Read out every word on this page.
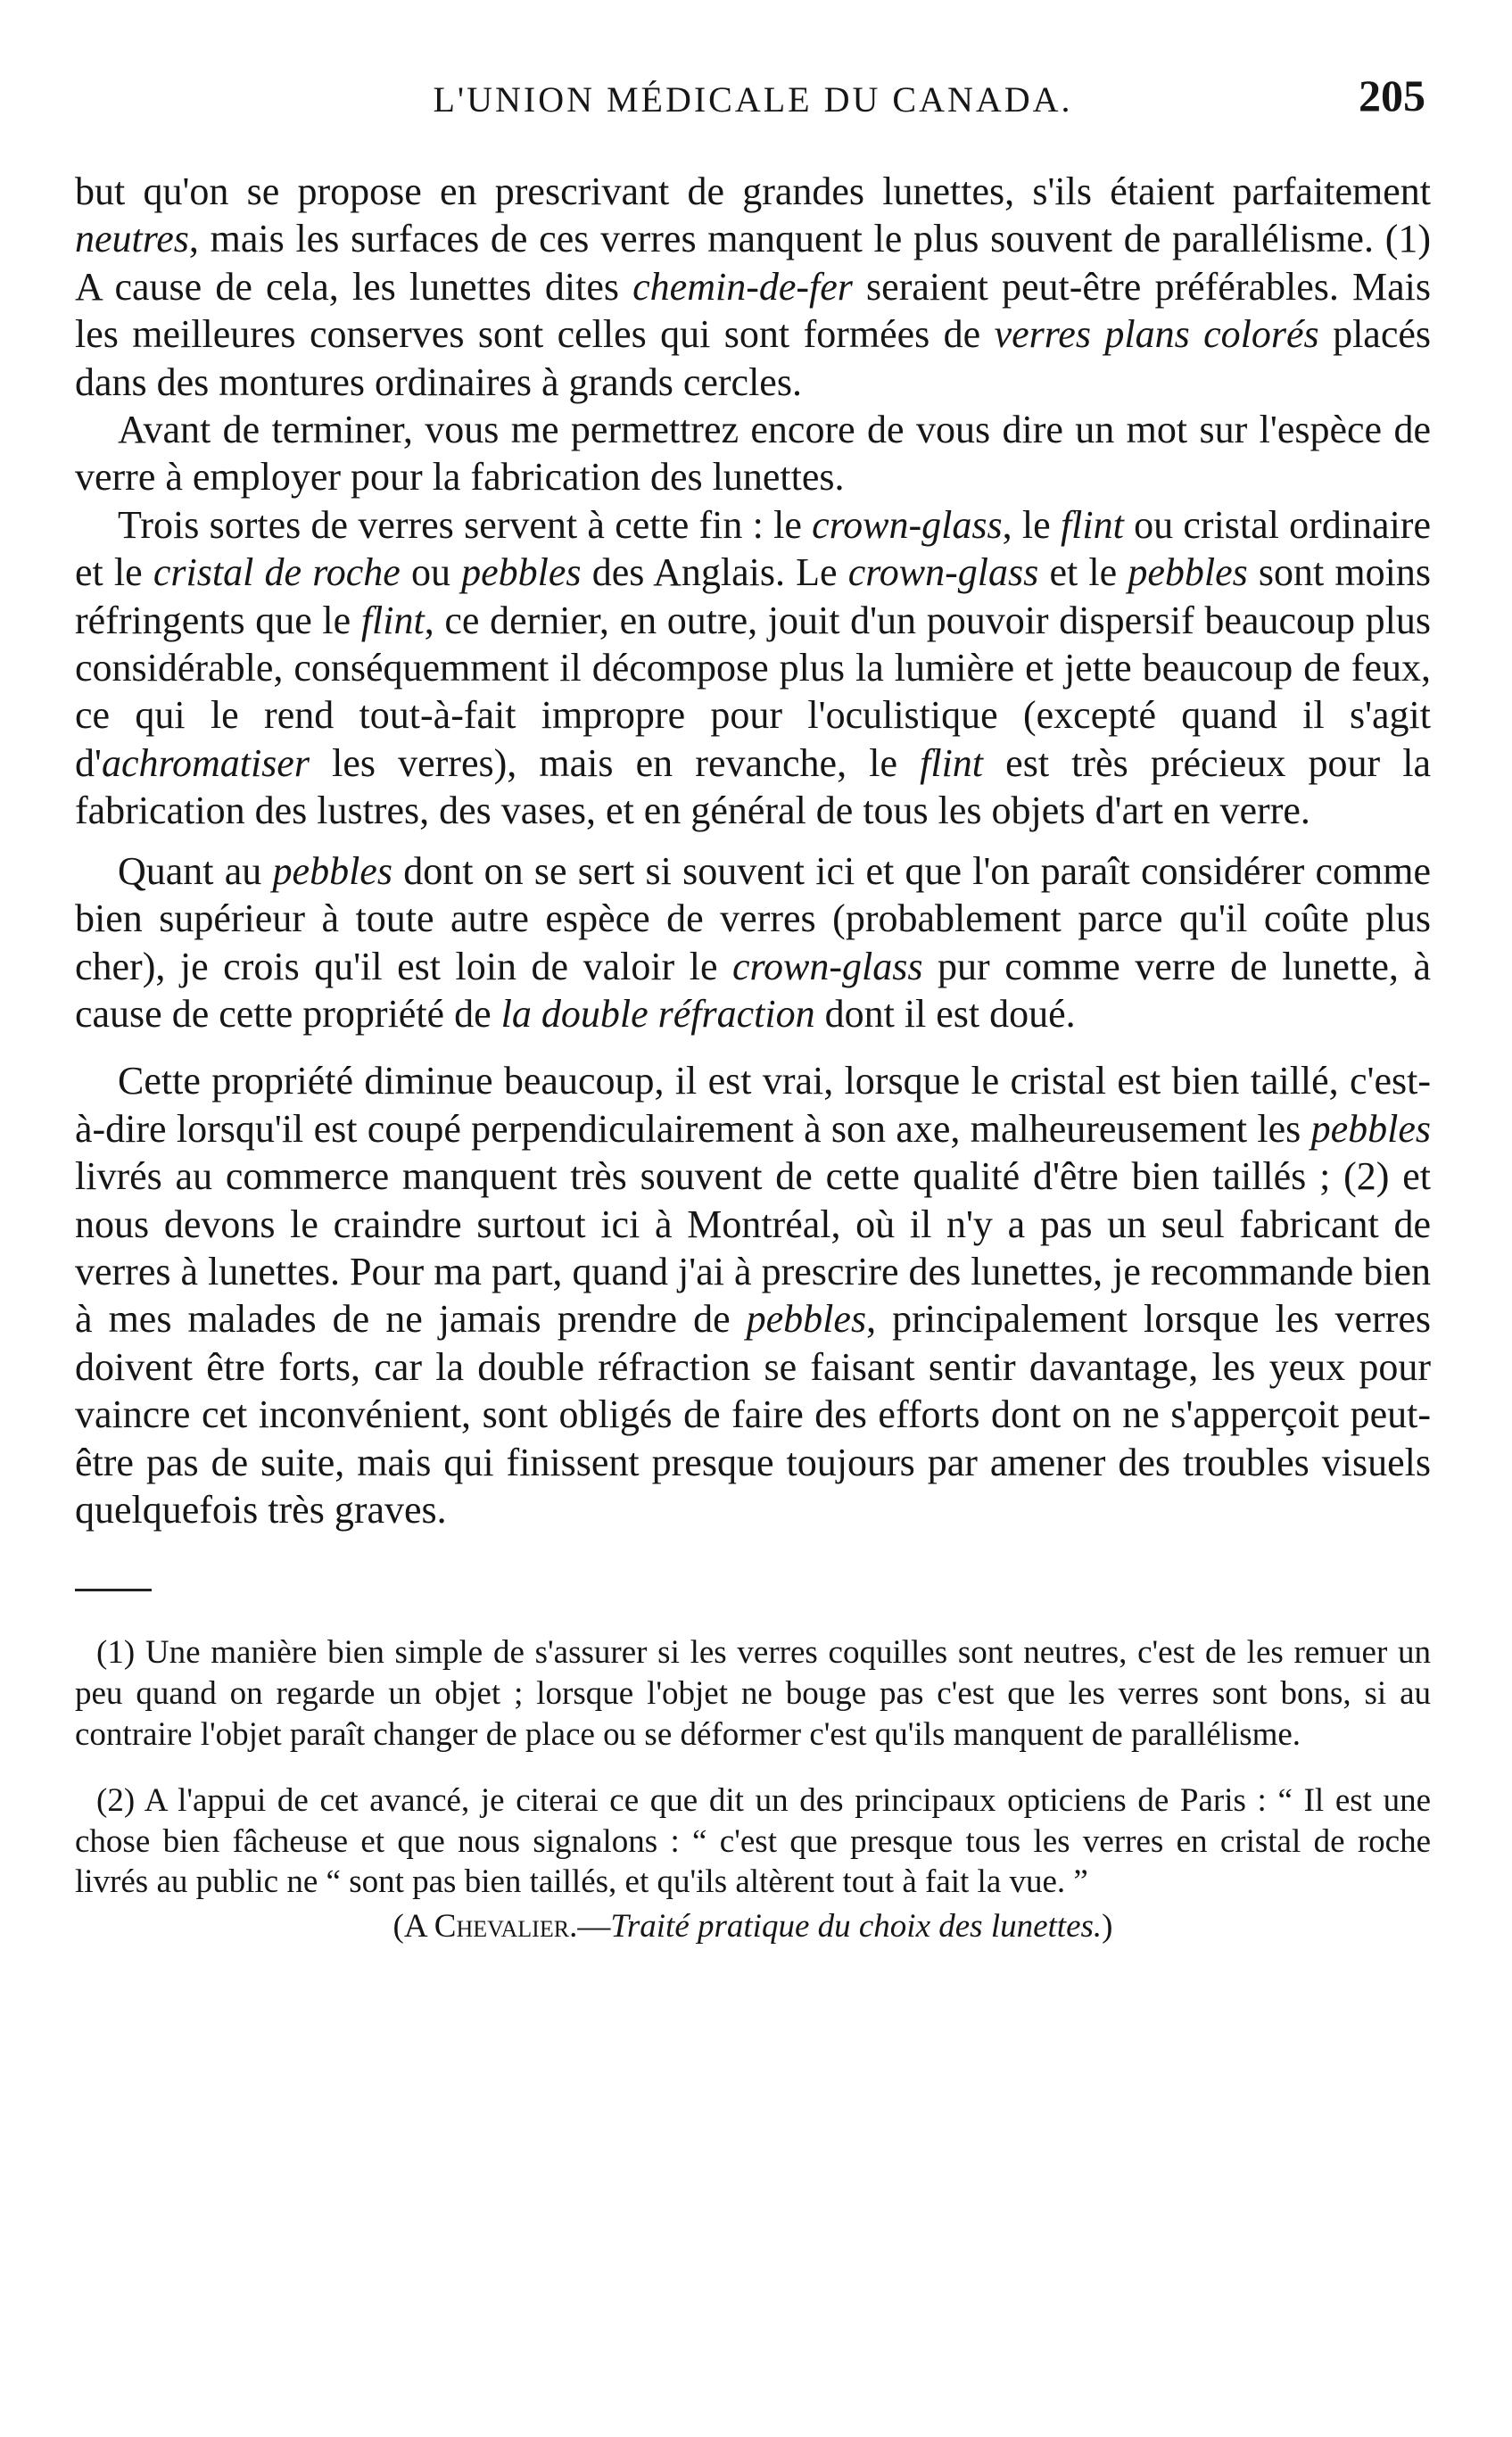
L'UNION MÉDICALE DU CANADA.	205

but qu'on se propose en prescrivant de grandes lunettes, s'ils étaient parfaitement neutres, mais les surfaces de ces verres manquent le plus souvent de parallélisme. (1) A cause de cela, les lunettes dites chemin-de-fer seraient peut-être préférables. Mais les meilleures conserves sont celles qui sont formées de verres plans colorés placés dans des montures ordinaires à grands cercles.

Avant de terminer, vous me permettrez encore de vous dire un mot sur l'espèce de verre à employer pour la fabrication des lunettes.

Trois sortes de verres servent à cette fin : le crown-glass, le flint ou cristal ordinaire et le cristal de roche ou pebbles des Anglais. Le crown-glass et le pebbles sont moins réfringents que le flint, ce dernier, en outre, jouit d'un pouvoir dispersif beaucoup plus considérable, conséquemment il décompose plus la lumière et jette beaucoup de feux, ce qui le rend tout-à-fait impropre pour l'oculistique (excepté quand il s'agit d'achromatiser les verres), mais en revanche, le flint est très précieux pour la fabrication des lustres, des vases, et en général de tous les objets d'art en verre.

Quant au pebbles dont on se sert si souvent ici et que l'on paraît considérer comme bien supérieur à toute autre espèce de verres (probablement parce qu'il coûte plus cher), je crois qu'il est loin de valoir le crown-glass pur comme verre de lunette, à cause de cette propriété de la double réfraction dont il est doué.

Cette propriété diminue beaucoup, il est vrai, lorsque le cristal est bien taillé, c'est-à-dire lorsqu'il est coupé perpendiculairement à son axe, malheureusement les pebbles livrés au commerce manquent très souvent de cette qualité d'être bien taillés ; (2) et nous devons le craindre surtout ici à Montréal, où il n'y a pas un seul fabricant de verres à lunettes. Pour ma part, quand j'ai à prescrire des lunettes, je recommande bien à mes malades de ne jamais prendre de pebbles, principalement lorsque les verres doivent être forts, car la double réfraction se faisant sentir davantage, les yeux pour vaincre cet inconvénient, sont obligés de faire des efforts dont on ne s'apperçoit peut-être pas de suite, mais qui finissent presque toujours par amener des troubles visuels quelquefois très graves.

(1) Une manière bien simple de s'assurer si les verres coquilles sont neutres, c'est de les remuer un peu quand on regarde un objet ; lorsque l'objet ne bouge pas c'est que les verres sont bons, si au contraire l'objet paraît changer de place ou se déformer c'est qu'ils manquent de parallélisme.

(2) A l'appui de cet avancé, je citerai ce que dit un des principaux opticiens de Paris : “ Il est une chose bien fâcheuse et que nous signalons : “ c'est que presque tous les verres en cristal de roche livrés au public ne “ sont pas bien taillés, et qu'ils altèrent tout à fait la vue. ”

(A Chevalier.—Traité pratique du choix des lunettes.)
